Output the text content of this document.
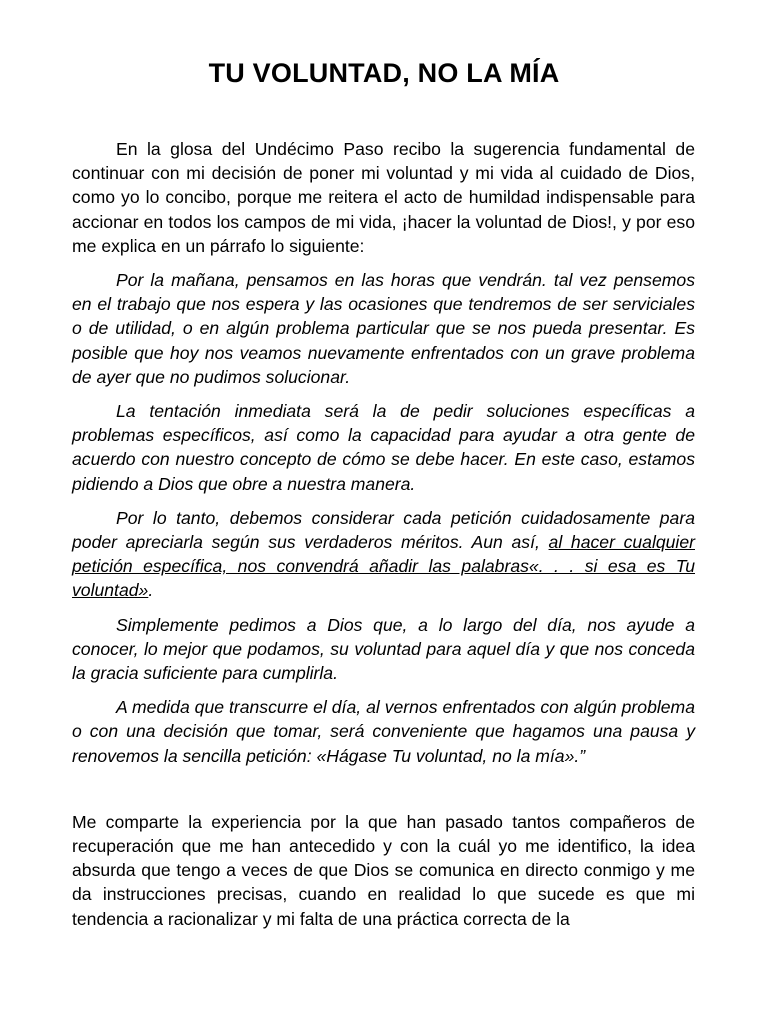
TU VOLUNTAD, NO LA MÍA

En la glosa del Undécimo Paso recibo la sugerencia fundamental de continuar con mi decisión de poner mi voluntad y mi vida al cuidado de Dios, como yo lo concibo, porque me reitera el acto de humildad indispensable para accionar en todos los campos de mi vida, ¡hacer la voluntad de Dios!, y por eso me explica en un párrafo lo siguiente:

Por la mañana, pensamos en las horas que vendrán. tal vez pensemos en el trabajo que nos espera y las ocasiones que tendremos de ser serviciales o de utilidad, o en algún problema particular que se nos pueda presentar. Es posible que hoy nos veamos nuevamente enfrentados con un grave problema de ayer que no pudimos solucionar.

La tentación inmediata será la de pedir soluciones específicas a problemas específicos, así como la capacidad para ayudar a otra gente de acuerdo con nuestro concepto de cómo se debe hacer. En este caso, estamos pidiendo a Dios que obre a nuestra manera.

Por lo tanto, debemos considerar cada petición cuidadosamente para poder apreciarla según sus verdaderos méritos. Aun así, al hacer cualquier petición específica, nos convendrá añadir las palabras«. . . si esa es Tu voluntad».

Simplemente pedimos a Dios que, a lo largo del día, nos ayude a conocer, lo mejor que podamos, su voluntad para aquel día y que nos conceda la gracia suficiente para cumplirla.

A medida que transcurre el día, al vernos enfrentados con algún problema o con una decisión que tomar, será conveniente que hagamos una pausa y renovemos la sencilla petición: «Hágase Tu voluntad, no la mía».”

Me comparte la experiencia por la que han pasado tantos compañeros de recuperación que me han antecedido y con la cuál yo me identifico, la idea absurda que tengo a veces de que Dios se comunica en directo conmigo y me da instrucciones precisas, cuando en realidad lo que sucede es que mi tendencia a racionalizar y mi falta de una práctica correcta de la
